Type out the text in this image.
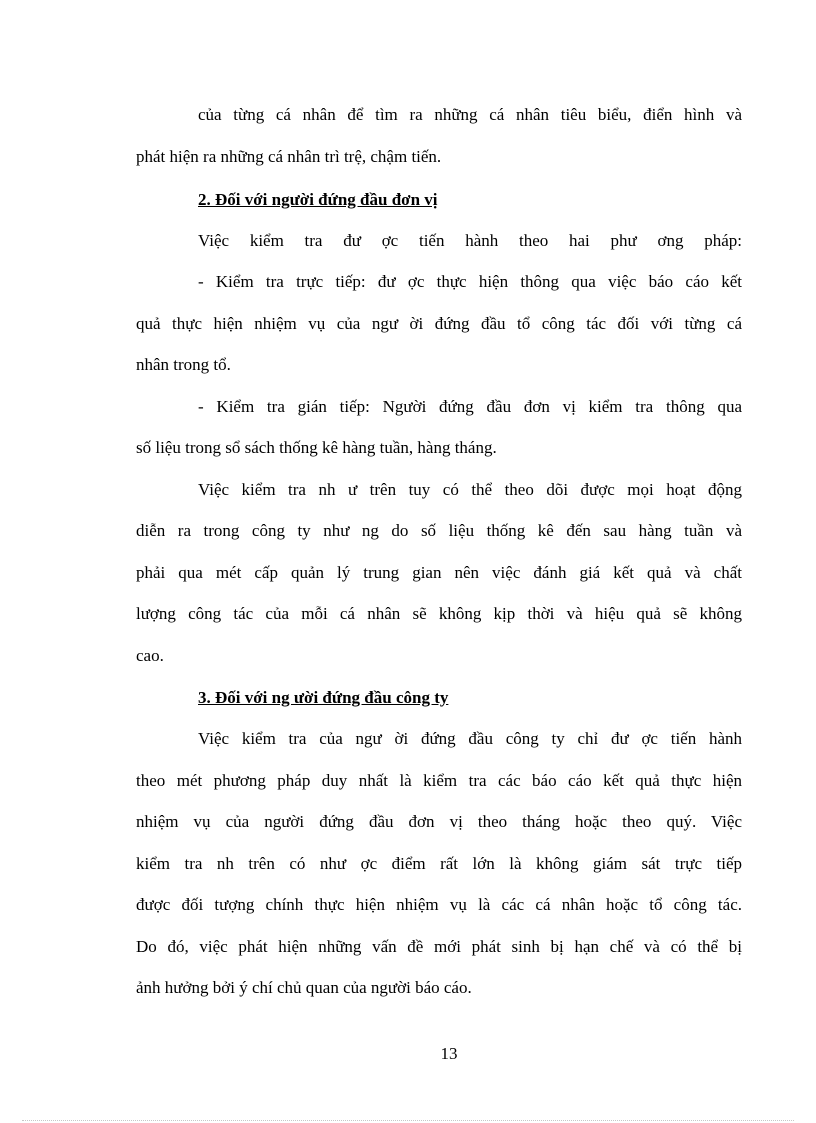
của từng cá nhân để tìm ra những cá nhân tiêu biểu, điển hình và
phát hiện ra những cá nhân trì trệ, chậm tiến.
2. Đối với người đứng đầu đơn vị
Việc kiểm tra đư ợc tiến hành theo hai phư ơng pháp:
- Kiểm tra trực tiếp: đư ợc thực hiện thông qua việc báo cáo kết
quả thực hiện nhiệm vụ của ngư ời đứng đầu tổ công tác đối với từng cá
nhân trong tổ.
- Kiểm tra gián tiếp: Người đứng đầu đơn vị kiểm tra thông qua
số liệu trong sổ sách thống kê hàng tuần, hàng tháng.
Việc kiểm tra nh ư trên tuy có thể theo dõi được mọi hoạt động
diễn ra trong công ty như ng do số liệu thống kê đến sau hàng tuần và
phải qua mét cấp quản lý trung gian nên việc đánh giá kết quả và chất
lượng công tác của mỗi cá nhân sẽ không kịp thời và hiệu quả sẽ không
cao.
3. Đối với ng ười đứng đầu công ty
Việc kiểm tra của ngư ời đứng đầu công ty chỉ đư ợc tiến hành
theo mét phương pháp duy nhất là kiểm tra các báo cáo kết quả thực hiện
nhiệm vụ của người đứng đầu đơn vị theo tháng hoặc theo quý. Việc
kiểm tra nh trên có như ợc điểm rất lớn là không giám sát trực tiếp
được đối tượng chính thực hiện nhiệm vụ là các cá nhân hoặc tổ công tác.
Do đó, việc phát hiện những vấn đề mới phát sinh bị hạn chế và có thể bị
ảnh hưởng bởi ý chí chủ quan của người báo cáo.
13
